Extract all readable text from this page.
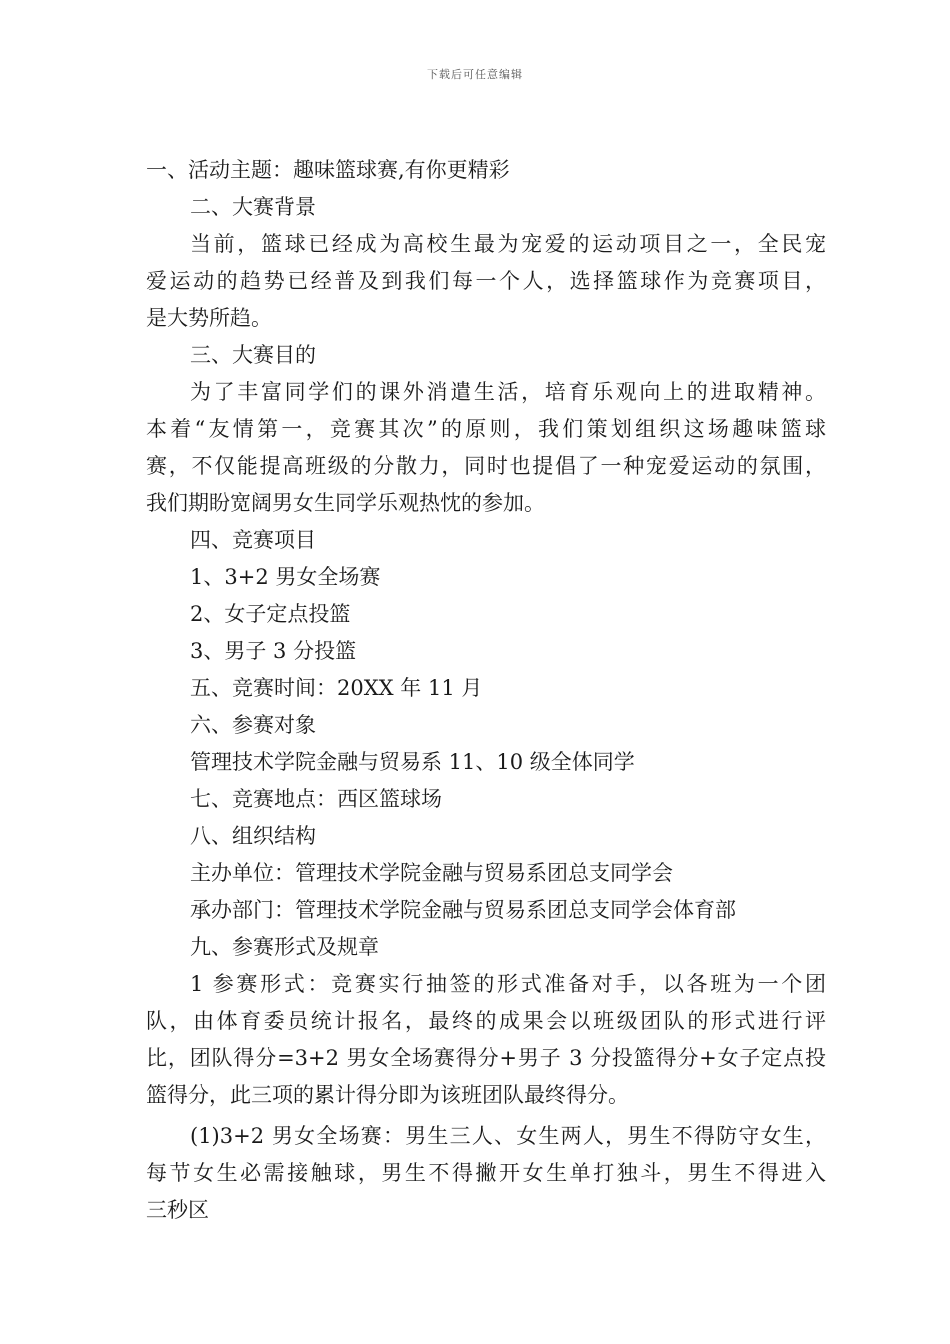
下载后可任意编辑
一、活动主题：趣味篮球赛,有你更精彩
二、大赛背景
当前，篮球已经成为高校生最为宠爱的运动项目之一，全民宠
爱运动的趋势已经普及到我们每一个人，选择篮球作为竞赛项目，
是大势所趋。
三、大赛目的
为了丰富同学们的课外消遣生活，培育乐观向上的进取精神。
本着“友情第一，竞赛其次”的原则，我们策划组织这场趣味篮球
赛，不仅能提高班级的分散力，同时也提倡了一种宠爱运动的氛围，
我们期盼宽阔男女生同学乐观热忱的参加。
四、竞赛项目
1、3+2 男女全场赛
2、女子定点投篮
3、男子 3 分投篮
五、竞赛时间：20XX 年 11 月
六、参赛对象
管理技术学院金融与贸易系 11、10 级全体同学
七、竞赛地点：西区篮球场
八、组织结构
主办单位：管理技术学院金融与贸易系团总支同学会
承办部门：管理技术学院金融与贸易系团总支同学会体育部
九、参赛形式及规章
1 参赛形式：竞赛实行抽签的形式准备对手，以各班为一个团
队，由体育委员统计报名，最终的成果会以班级团队的形式进行评
比，团队得分=3+2 男女全场赛得分+男子 3 分投篮得分+女子定点投
篮得分，此三项的累计得分即为该班团队最终得分。
(1)3+2 男女全场赛：男生三人、女生两人，男生不得防守女生，
每节女生必需接触球，男生不得撇开女生单打独斗，男生不得进入
三秒区
